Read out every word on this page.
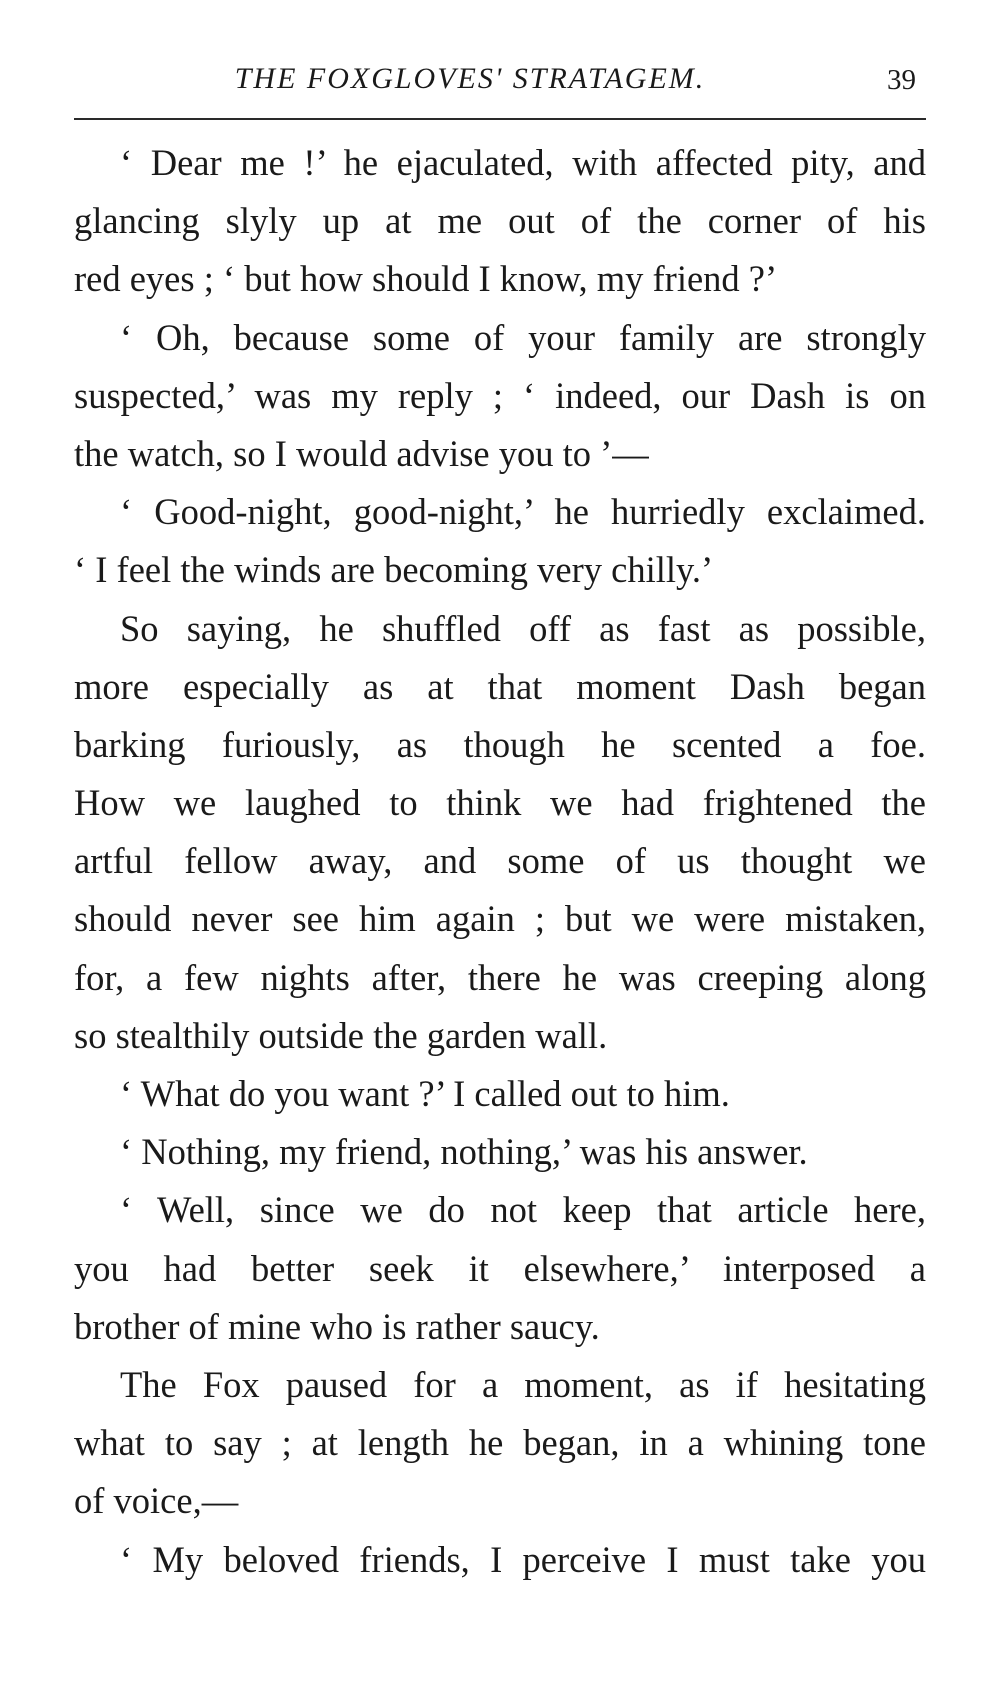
THE FOXGLOVES' STRATAGEM.	39
‘ Dear me !’ he ejaculated, with affected pity, and
glancing slyly up at me out of the corner of his
red eyes ; ‘ but how should I know, my friend ?’
‘ Oh, because some of your family are strongly
suspected,’ was my reply ; ‘ indeed, our Dash is on
the watch, so I would advise you to ’—
‘ Good-night, good-night,’ he hurriedly exclaimed.
‘ I feel the winds are becoming very chilly.’
So saying, he shuffled off as fast as possible,
more especially as at that moment Dash began
barking furiously, as though he scented a foe.
How we laughed to think we had frightened the
artful fellow away, and some of us thought we
should never see him again ; but we were mistaken,
for, a few nights after, there he was creeping along
so stealthily outside the garden wall.
‘ What do you want ?’ I called out to him.
‘ Nothing, my friend, nothing,’ was his answer.
‘ Well, since we do not keep that article here,
you had better seek it elsewhere,’ interposed a
brother of mine who is rather saucy.
The Fox paused for a moment, as if hesitating
what to say ; at length he began, in a whining tone
of voice,—
‘ My beloved friends, I perceive I must take you
